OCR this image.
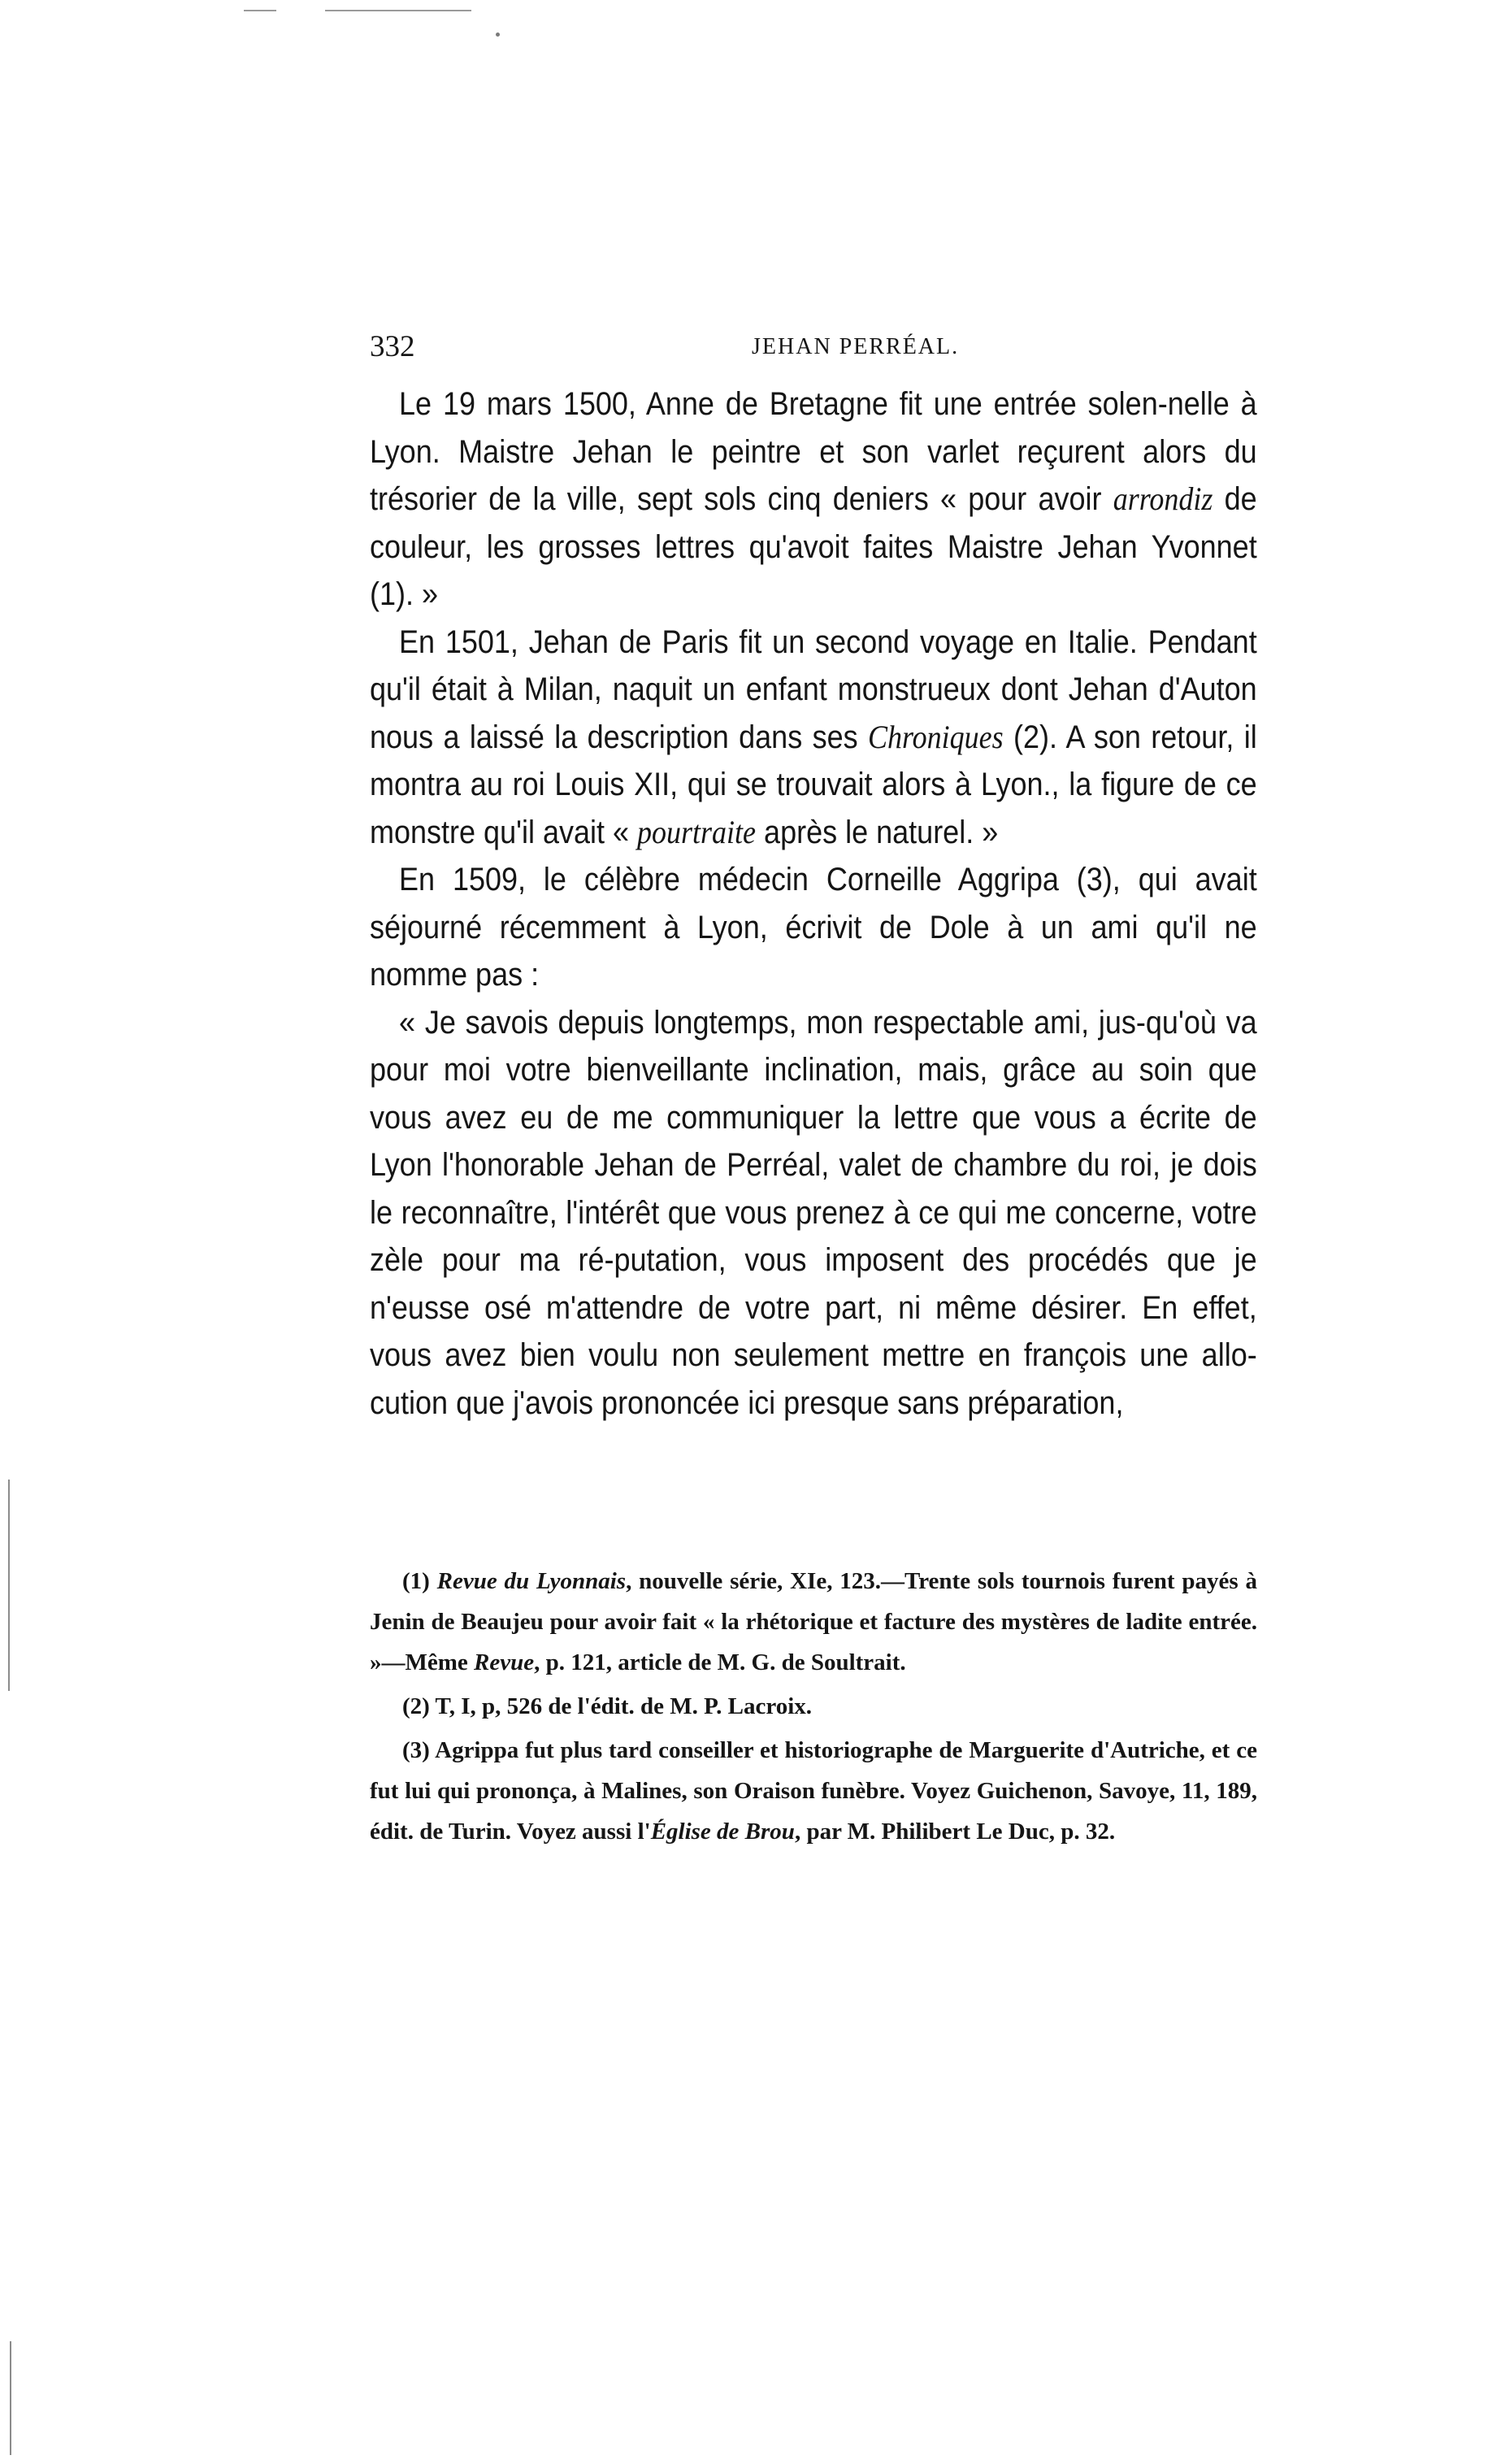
332	JEHAN PERRÉAL.

Le 19 mars 1500, Anne de Bretagne fit une entrée solen-nelle à Lyon. Maistre Jehan le peintre et son varlet reçurent alors du trésorier de la ville, sept sols cinq deniers « pour avoir arrondiz de couleur, les grosses lettres qu'avoit faites Maistre Jehan Yvonnet (1). »

En 1501, Jehan de Paris fit un second voyage en Italie. Pendant qu'il était à Milan, naquit un enfant monstrueux dont Jehan d'Auton nous a laissé la description dans ses Chroniques (2). A son retour, il montra au roi Louis XII, qui se trouvait alors à Lyon., la figure de ce monstre qu'il avait « pourtraite après le naturel. »

En 1509, le célèbre médecin Corneille Aggripa (3), qui avait séjourné récemment à Lyon, écrivit de Dole à un ami qu'il ne nomme pas :

« Je savois depuis longtemps, mon respectable ami, jus-qu'où va pour moi votre bienveillante inclination, mais, grâce au soin que vous avez eu de me communiquer la lettre que vous a écrite de Lyon l'honorable Jehan de Perréal, valet de chambre du roi, je dois le reconnaître, l'intérêt que vous prenez à ce qui me concerne, votre zèle pour ma ré-putation, vous imposent des procédés que je n'eusse osé m'attendre de votre part, ni même désirer. En effet, vous avez bien voulu non seulement mettre en françois une allo-cution que j'avois prononcée ici presque sans préparation,

(1) Revue du Lyonnais, nouvelle série, XIe, 123.—Trente sols tournois furent payés à Jenin de Beaujeu pour avoir fait « la rhétorique et facture des mystères de ladite entrée. »—Même Revue, p. 121, article de M. G. de Soultrait.

(2) T, I, p, 526 de l'édit. de M. P. Lacroix.

(3) Agrippa fut plus tard conseiller et historiographe de Marguerite d'Autriche, et ce fut lui qui prononça, à Malines, son Oraison funèbre. Voyez Guichenon, Savoye, 11, 189, édit. de Turin. Voyez aussi l'Église de Brou, par M. Philibert Le Duc, p. 32.
